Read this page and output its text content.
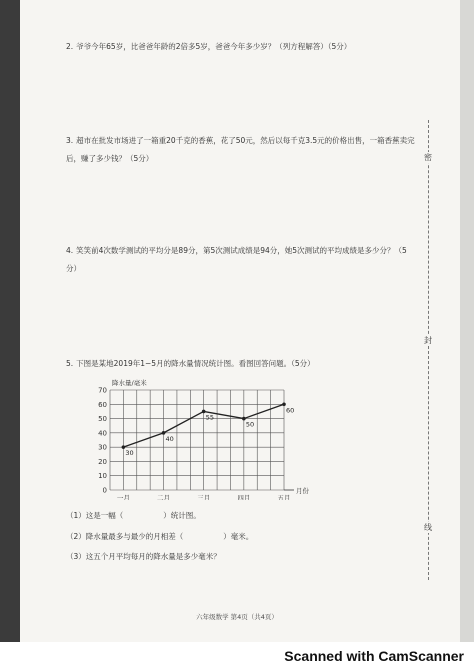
密
封
线
2. 爷爷今年65岁，比爸爸年龄的2倍多5岁，爸爸今年多少岁？（列方程解答）（5分）
3. 超市在批发市场进了一箱重20千克的香蕉，花了50元，然后以每千克3.5元的价格出售，一箱香蕉卖完后，赚了多少钱？（5分）
4. 笑笑前4次数学测试的平均分是89分，第5次测试成绩是94分，她5次测试的平均成绩是多少分？（5分）
5. 下图是某地2019年1−5月的降水量情况统计图。看图回答问题。（5分）
0
10
20
30
40
50
60
70
降水量/毫米
月份
一月	二月	三月	四月	五月
30
40
55
50
60
（1）这是一幅（	）统计图。
（2）降水量最多与最少的月相差（	）毫米。
（3）这五个月平均每月的降水量是多少毫米？
六年级数学 第4页（共4页）
Scanned with CamScanner
